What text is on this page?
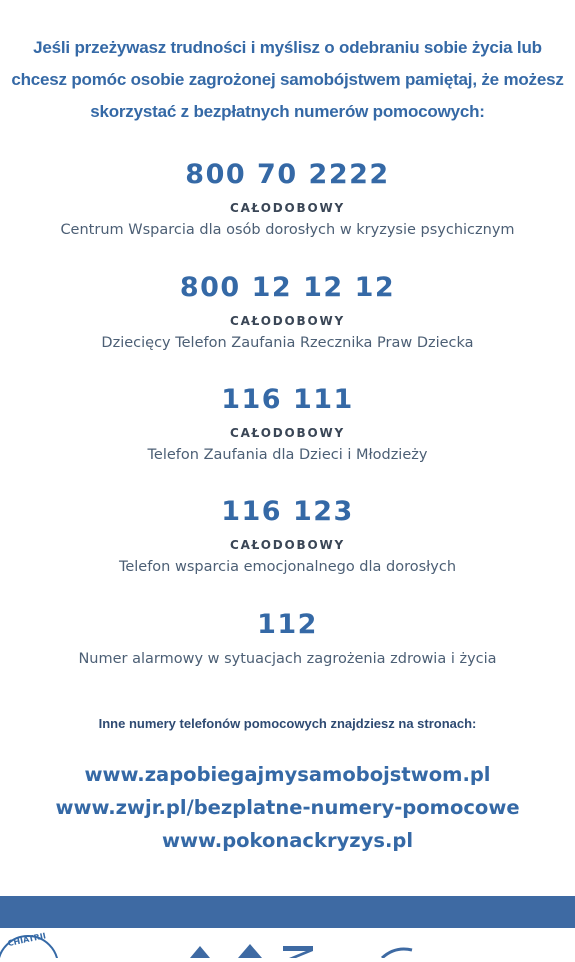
Jeśli przeżywasz trudności i myślisz o odebraniu sobie życia lub
chcesz pomóc osobie zagrożonej samobójstwem pamiętaj, że możesz
skorzystać z bezpłatnych numerów pomocowych:
800 70 2222
CAŁODOBOWY
Centrum Wsparcia dla osób dorosłych w kryzysie psychicznym
800 12 12 12
CAŁODOBOWY
Dziecięcy Telefon Zaufania Rzecznika Praw Dziecka
116 111
CAŁODOBOWY
Telefon Zaufania dla Dzieci i Młodzieży
116 123
CAŁODOBOWY
Telefon wsparcia emocjonalnego dla dorosłych
112
Numer alarmowy w sytuacjach zagrożenia zdrowia i życia
Inne numery telefonów pomocowych znajdziesz na stronach:
www.zapobiegajmysamobojstwom.pl
www.zwjr.pl/bezplatne-numery-pomocowe
www.pokonackryzys.pl
CHIATRII
